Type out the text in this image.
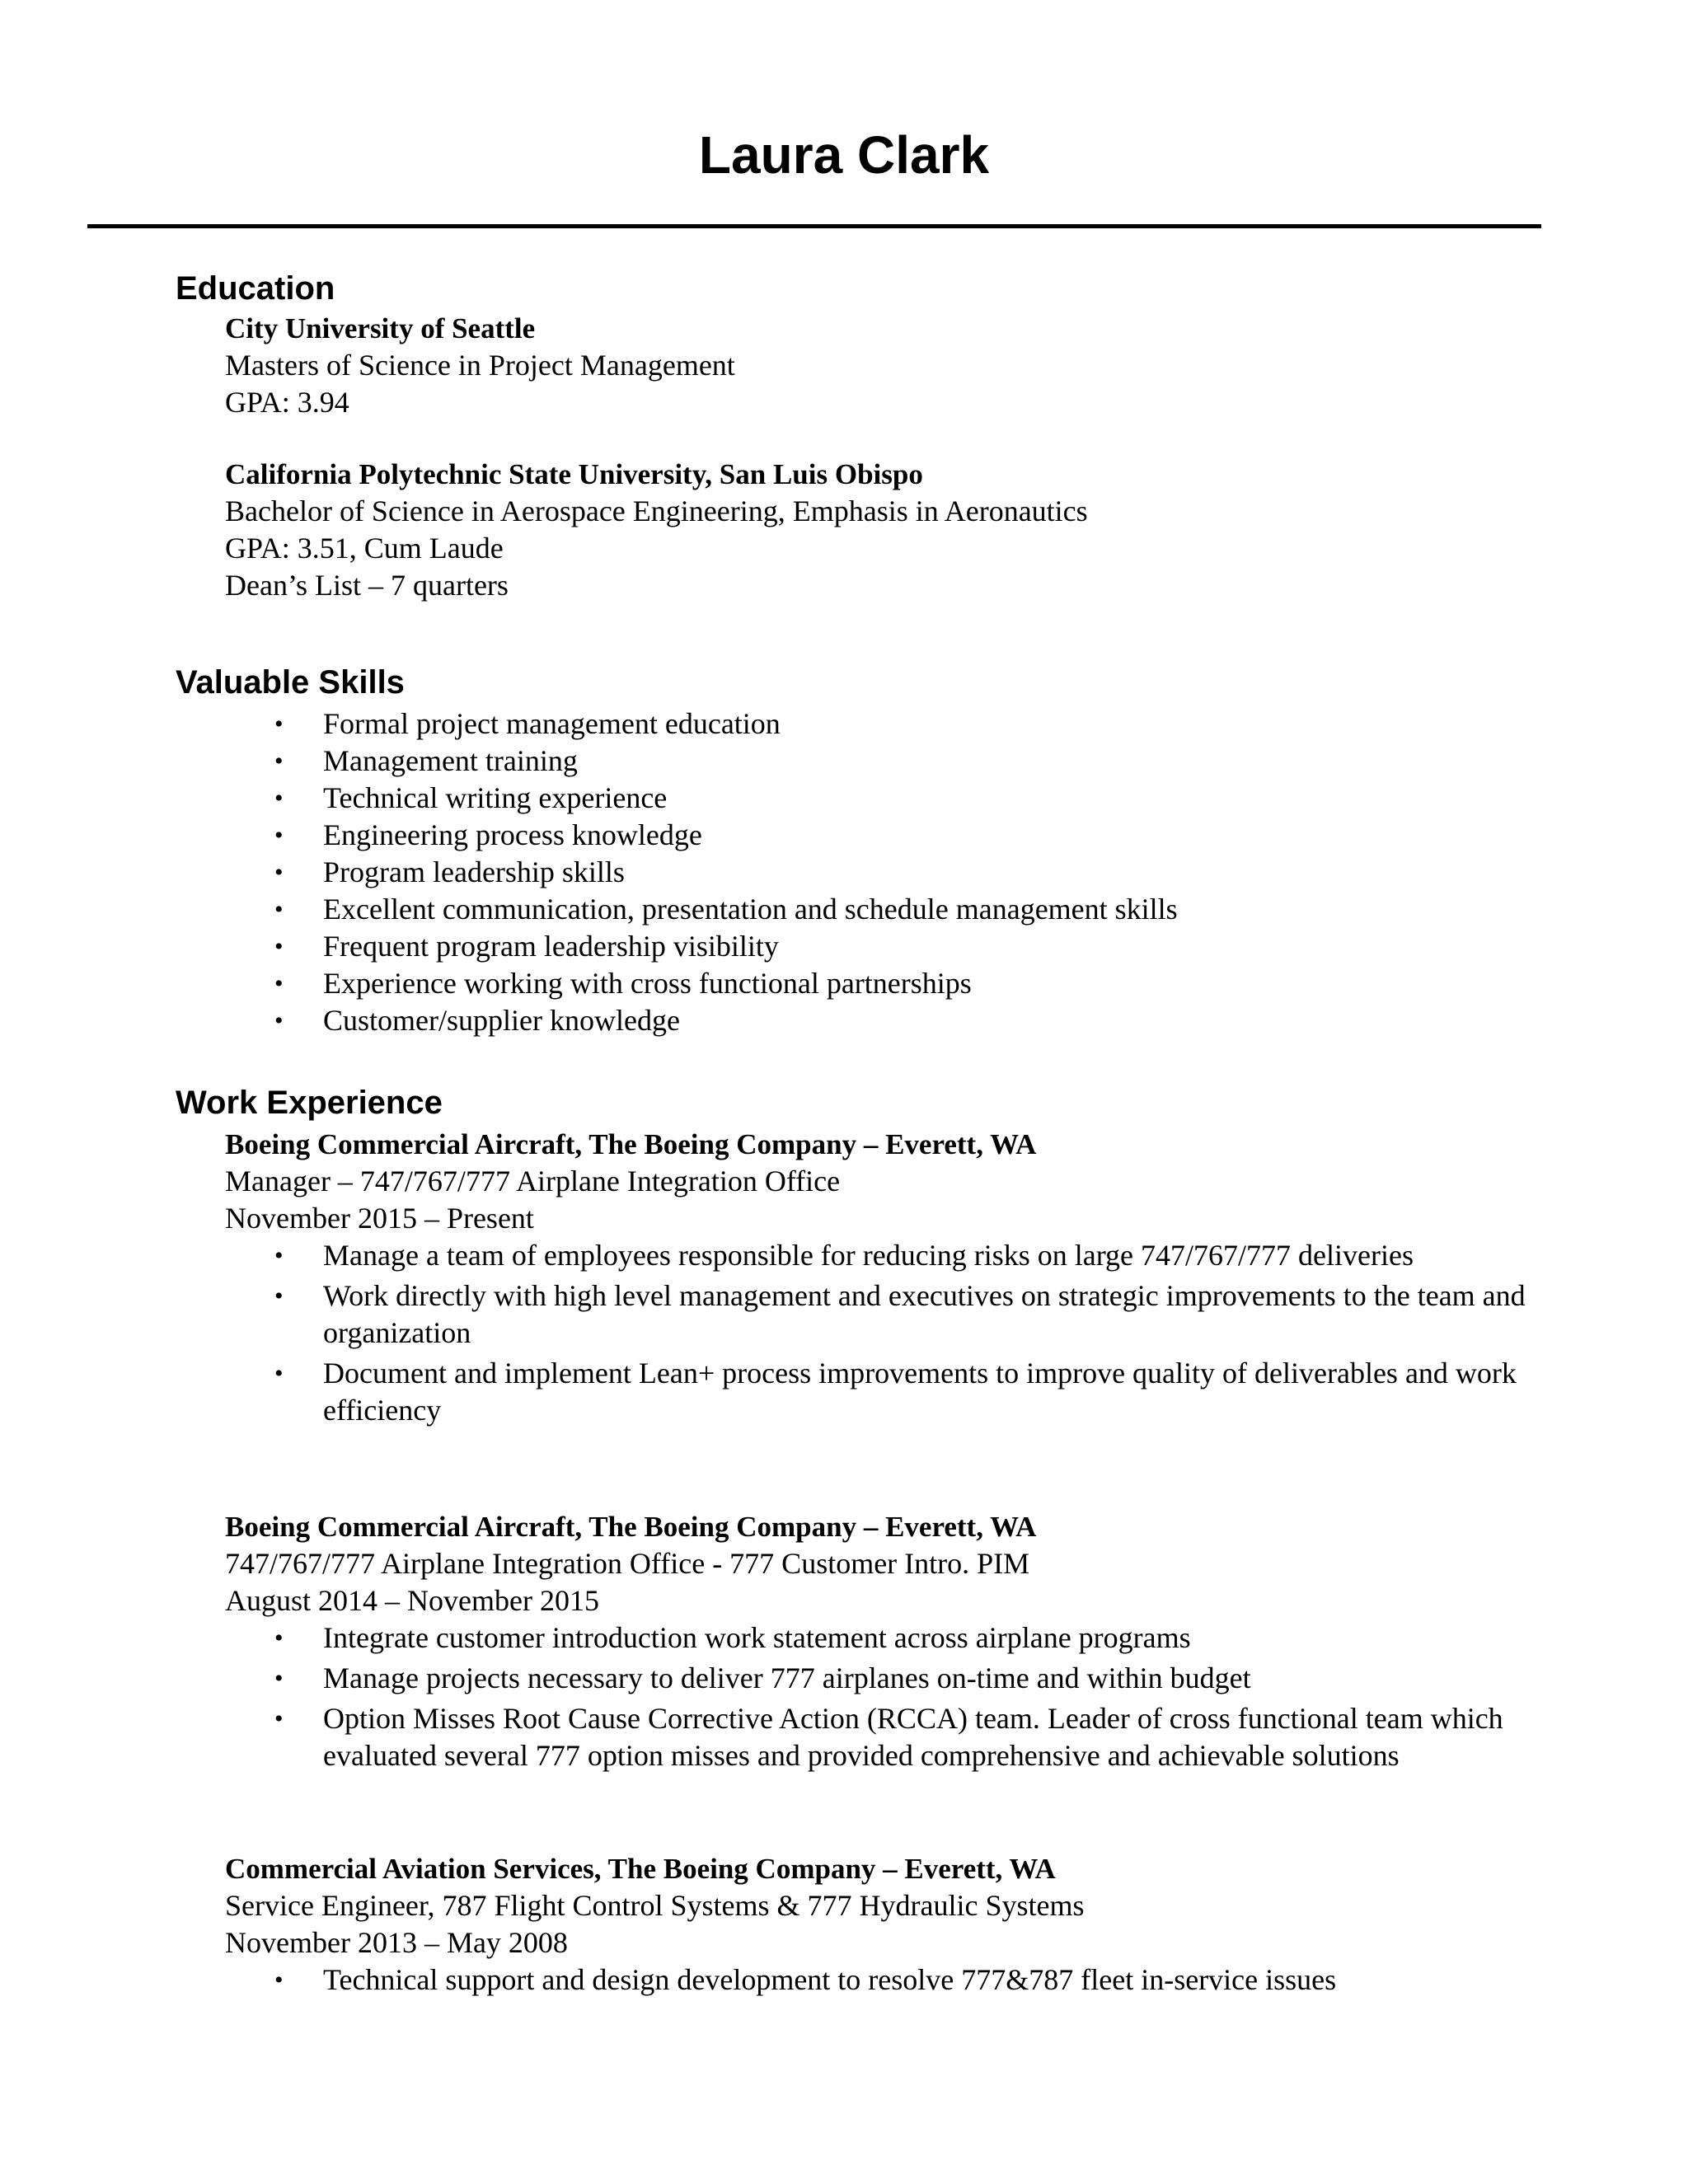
Laura Clark
Education
City University of Seattle
Masters of Science in Project Management
GPA: 3.94
California Polytechnic State University, San Luis Obispo
Bachelor of Science in Aerospace Engineering, Emphasis in Aeronautics
GPA: 3.51, Cum Laude
Dean’s List – 7 quarters
Valuable Skills
• Formal project management education
• Management training
• Technical writing experience
• Engineering process knowledge
• Program leadership skills
• Excellent communication, presentation and schedule management skills
• Frequent program leadership visibility
• Experience working with cross functional partnerships
• Customer/supplier knowledge
Work Experience
Boeing Commercial Aircraft, The Boeing Company – Everett, WA
Manager – 747/767/777 Airplane Integration Office
November 2015 – Present
• Manage a team of employees responsible for reducing risks on large 747/767/777 deliveries
• Work directly with high level management and executives on strategic improvements to the team and organization
• Document and implement Lean+ process improvements to improve quality of deliverables and work efficiency
Boeing Commercial Aircraft, The Boeing Company – Everett, WA
747/767/777 Airplane Integration Office - 777 Customer Intro. PIM
August 2014 – November 2015
• Integrate customer introduction work statement across airplane programs
• Manage projects necessary to deliver 777 airplanes on-time and within budget
• Option Misses Root Cause Corrective Action (RCCA) team. Leader of cross functional team which evaluated several 777 option misses and provided comprehensive and achievable solutions
Commercial Aviation Services, The Boeing Company – Everett, WA
Service Engineer, 787 Flight Control Systems & 777 Hydraulic Systems
November 2013 – May 2008
• Technical support and design development to resolve 777&787 fleet in-service issues
